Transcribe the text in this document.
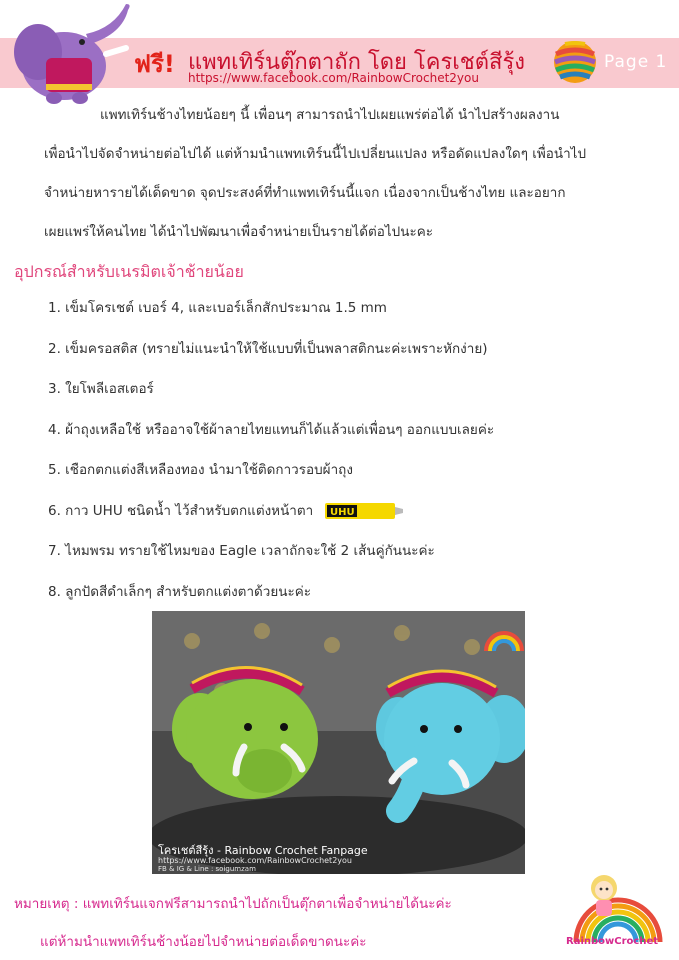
ฟรี! แพทเทิร์นตุ๊กตาถัก โดย โครเชต์สีรุ้ง
https://www.facebook.com/RainbowCrochet2you
Page 1

แพทเทิร์นช้างไทยน้อยๆ นี้ เพื่อนๆ สามารถนำไปเผยแพร่ต่อได้ นำไปสร้างผลงาน

เพื่อนำไปจัดจำหน่ายต่อไปได้ แต่ห้ามนำแพทเทิร์นนี้ไปเปลี่ยนแปลง หรือดัดแปลงใดๆ เพื่อนำไป

จำหน่ายหารายได้เด็ดขาด จุดประสงค์ที่ทำแพทเทิร์นนี้แจก เนื่องจากเป็นช้างไทย และอยาก

เผยแพร่ให้คนไทย ได้นำไปพัฒนาเพื่อจำหน่ายเป็นรายได้ต่อไปนะคะ

อุปกรณ์สำหรับเนรมิตเจ้าช้ายน้อย
1. เข็มโครเชต์ เบอร์ 4, และเบอร์เล็กสักประมาณ 1.5 mm
2. เข็มครอสติส (ทรายไม่แนะนำให้ใช้แบบที่เป็นพลาสติกนะค่ะเพราะหักง่าย)
3. ใยโพลีเอสเตอร์
4. ผ้าถุงเหลือใช้ หรืออาจใช้ผ้าลายไทยแทนก็ได้แล้วแต่เพื่อนๆ ออกแบบเลยค่ะ
5. เชือกตกแต่งสีเหลืองทอง นำมาใช้ติดกาวรอบผ้าถุง
6. กาว UHU ชนิดน้ำ ไว้สำหรับตกแต่งหน้าตา UHU
7. ไหมพรม ทรายใช้ไหมของ Eagle เวลาถักจะใช้ 2 เส้นคู่กันนะค่ะ
8. ลูกปัดสีดำเล็กๆ สำหรับตกแต่งตาด้วยนะค่ะ
โครเชต์สีรุ้ง - Rainbow Crochet Fanpage
https://www.facebook.com/RainbowCrochet2you
FB & IG & Line : soigumzam
หมายเหตุ : แพทเทิร์นแจกฟรีสามารถนำไปถักเป็นตุ๊กตาเพื่อจำหน่ายได้นะค่ะ
แต่ห้ามนำแพทเทิร์นช้างน้อยไปจำหน่ายต่อเด็ดขาดนะค่ะ	RainbowCrochet
